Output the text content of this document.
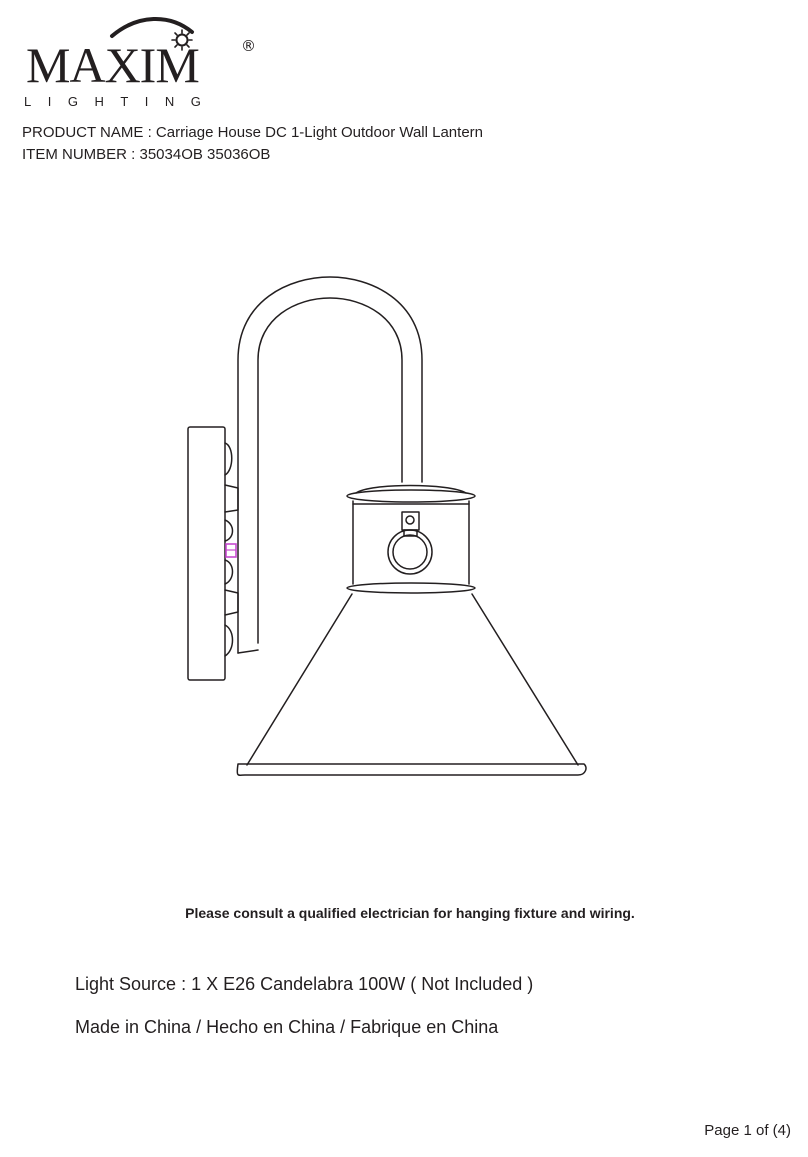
MAXIM	®
LIGHTING
PRODUCT NAME : Carriage House DC 1-Light Outdoor Wall Lantern
ITEM NUMBER : 35034OB 35036OB
Please consult a qualified electrician for hanging fixture and wiring.
Light Source : 1 X E26 Candelabra 100W ( Not Included )
Made in China / Hecho en China / Fabrique en China
Page 1 of (4)
